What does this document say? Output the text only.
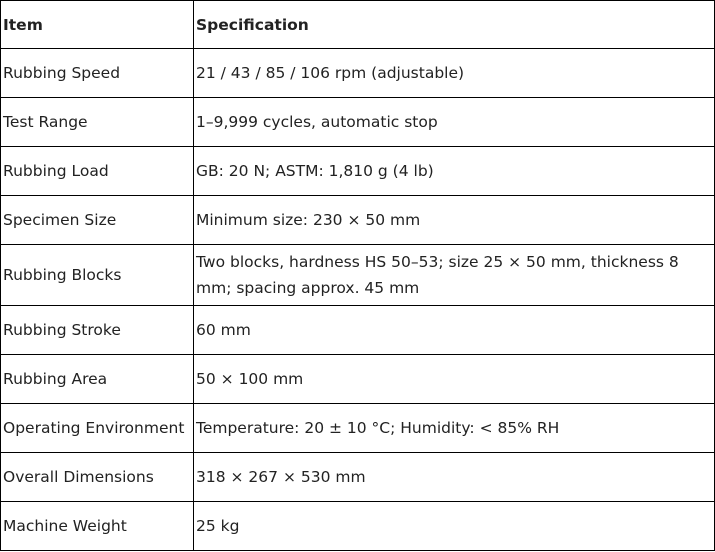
Item	Specification
Rubbing Speed	21 / 43 / 85 / 106 rpm (adjustable)
Test Range	1–9,999 cycles, automatic stop
Rubbing Load	GB: 20 N; ASTM: 1,810 g (4 lb)
Specimen Size	Minimum size: 230 × 50 mm
Rubbing Blocks	Two blocks, hardness HS 50–53; size 25 × 50 mm, thickness 8 mm; spacing approx. 45 mm
Rubbing Stroke	60 mm
Rubbing Area	50 × 100 mm
Operating Environment	Temperature: 20 ± 10 °C; Humidity: < 85% RH
Overall Dimensions	318 × 267 × 530 mm
Machine Weight	25 kg
